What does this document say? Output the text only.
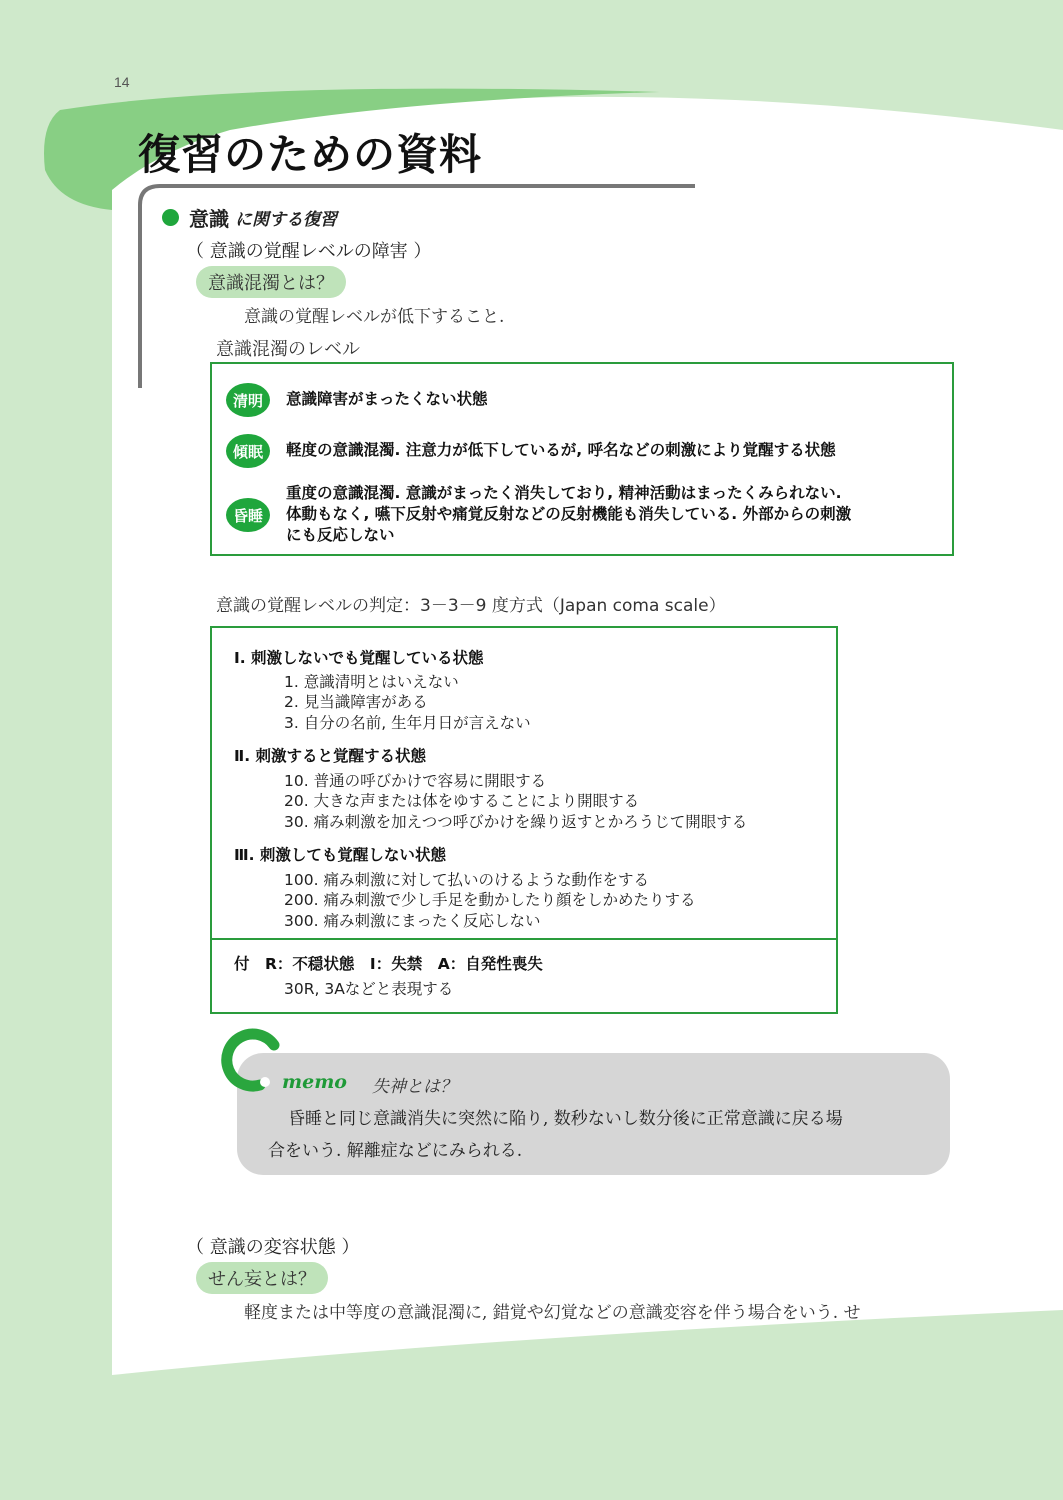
14
復習のための資料
意識 に関する復習
（ 意識の覚醒レベルの障害 ）
意識混濁とは？
意識の覚醒レベルが低下すること.
意識混濁のレベル
清明	意識障害がまったくない状態
傾眠	軽度の意識混濁. 注意力が低下しているが, 呼名などの刺激により覚醒する状態
昏睡
重度の意識混濁. 意識がまったく消失しており, 精神活動はまったくみられない.
体動もなく, 嚥下反射や痛覚反射などの反射機能も消失している. 外部からの刺激
にも反応しない
意識の覚醒レベルの判定：3－3－9 度方式（Japan coma scale）
Ⅰ. 刺激しないでも覚醒している状態
1. 意識清明とはいえない
2. 見当識障害がある
3. 自分の名前, 生年月日が言えない
Ⅱ. 刺激すると覚醒する状態
10. 普通の呼びかけで容易に開眼する
20. 大きな声または体をゆすることにより開眼する
30. 痛み刺激を加えつつ呼びかけを繰り返すとかろうじて開眼する
Ⅲ. 刺激しても覚醒しない状態
100. 痛み刺激に対して払いのけるような動作をする
200. 痛み刺激で少し手足を動かしたり顔をしかめたりする
300. 痛み刺激にまったく反応しない
付　R：不穏状態　Ⅰ：失禁　A：自発性喪失
30R, 3Aなどと表現する
memo 失神とは？
昏睡と同じ意識消失に突然に陥り, 数秒ないし数分後に正常意識に戻る場
合をいう. 解離症などにみられる.
（ 意識の変容状態 ）
せん妄とは？
軽度または中等度の意識混濁に, 錯覚や幻覚などの意識変容を伴う場合をいう. せ
